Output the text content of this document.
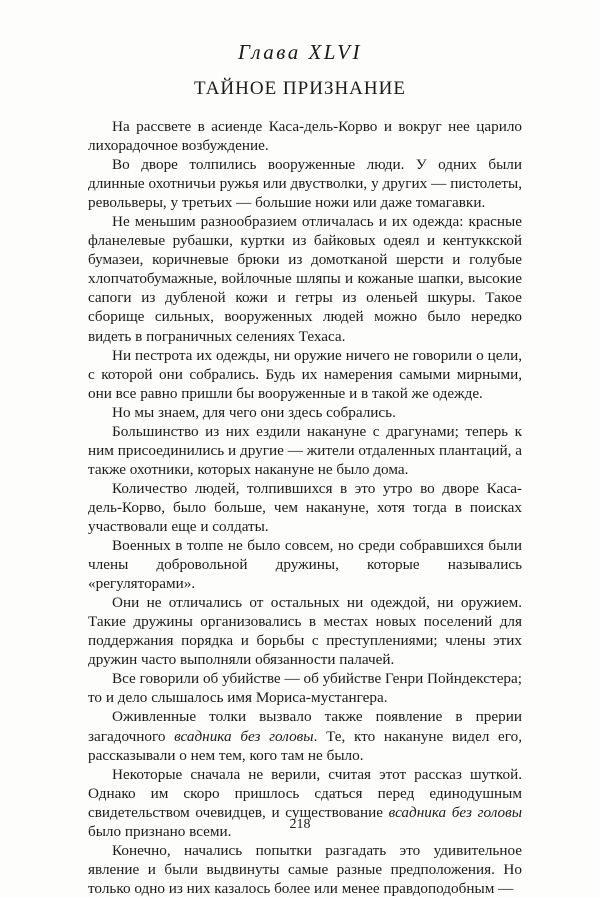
Глава XLVI
ТАЙНОЕ ПРИЗНАНИЕ

На рассвете в асиенде Каса-дель-Корво и вокруг нее царило лихорадочное возбуждение.

Во дворе толпились вооруженные люди. У одних были длинные охотничьи ружья или двустволки, у других — пистолеты, револьверы, у третьих — большие ножи или даже томагавки.

Не меньшим разнообразием отличалась и их одежда: красные фланелевые рубашки, куртки из байковых одеял и кентуккской бумазеи, коричневые брюки из домотканой шерсти и голубые хлопчатобумажные, войлочные шляпы и кожаные шапки, высокие сапоги из дубленой кожи и гетры из оленьей шкуры. Такое сборище сильных, вооруженных людей можно было нередко видеть в пограничных селениях Техаса.

Ни пестрота их одежды, ни оружие ничего не говорили о цели, с которой они собрались. Будь их намерения самыми мирными, они все равно пришли бы вооруженные и в такой же одежде.

Но мы знаем, для чего они здесь собрались.

Большинство из них ездили накануне с драгунами; теперь к ним присоединились и другие — жители отдаленных плантаций, а также охотники, которых накануне не было дома.

Количество людей, толпившихся в это утро во дворе Каса-дель-Корво, было больше, чем накануне, хотя тогда в поисках участвовали еще и солдаты.

Военных в толпе не было совсем, но среди собравшихся были члены добровольной дружины, которые назывались «регуляторами».

Они не отличались от остальных ни одеждой, ни оружием. Такие дружины организовались в местах новых поселений для поддержания порядка и борьбы с преступлениями; члены этих дружин часто выполняли обязанности палачей.

Все говорили об убийстве — об убийстве Генри Пойндекстера; то и дело слышалось имя Мориса-мустангера.

Оживленные толки вызвало также появление в прерии загадочного всадника без головы. Те, кто накануне видел его, рассказывали о нем тем, кого там не было.

Некоторые сначала не верили, считая этот рассказ шуткой. Однако им скоро пришлось сдаться перед единодушным свидетельством очевидцев, и существование всадника без головы было признано всеми.

Конечно, начались попытки разгадать это удивительное явление и были выдвинуты самые разные предположения. Но только одно из них казалось более или менее правдоподобным —

218
